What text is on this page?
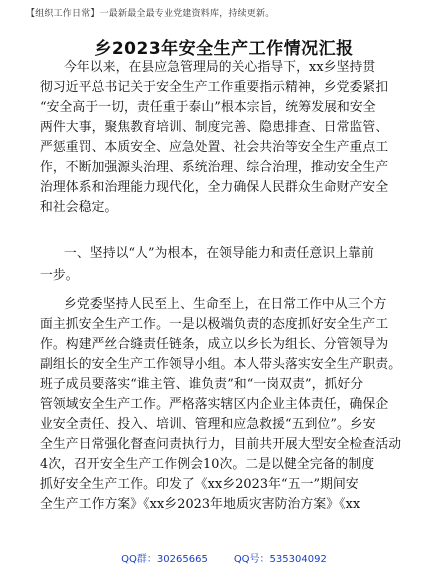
【组织工作日常】一最新最全最专业党建资料库，持续更新。
乡2023年安全生产工作情况汇报
今年以来，在县应急管理局的关心指导下，xx乡坚持贯
彻习近平总书记关于安全生产工作重要指示精神，乡党委紧扣
“安全高于一切，责任重于泰山”根本宗旨，统筹发展和安全
两件大事，聚焦教育培训、制度完善、隐患排查、日常监管、
严惩重罚、本质安全、应急处置、社会共治等安全生产重点工
作，不断加强源头治理、系统治理、综合治理，推动安全生产
治理体系和治理能力现代化，全力确保人民群众生命财产安全
和社会稳定。
一、坚持以“人”为根本，在领导能力和责任意识上靠前
一步。
乡党委坚持人民至上、生命至上，在日常工作中从三个方
面主抓安全生产工作。一是以极端负责的态度抓好安全生产工
作。构建严丝合缝责任链条，成立以乡长为组长、分管领导为
副组长的安全生产工作领导小组。本人带头落实安全生产职责。
班子成员要落实“谁主管、谁负责”和“一岗双责”，抓好分
管领域安全生产工作。严格落实辖区内企业主体责任，确保企
业安全责任、投入、培训、管理和应急救援“五到位”。乡安
全生产日常强化督查问责执行力，目前共开展大型安全检查活动
4次，召开安全生产工作例会10次。二是以健全完备的制度
抓好安全生产工作。印发了《xx乡2023年“五一”期间安
全生产工作方案》《xx乡2023年地质灾害防治方案》《xx
QQ群：30265665	QQ号：535304092
